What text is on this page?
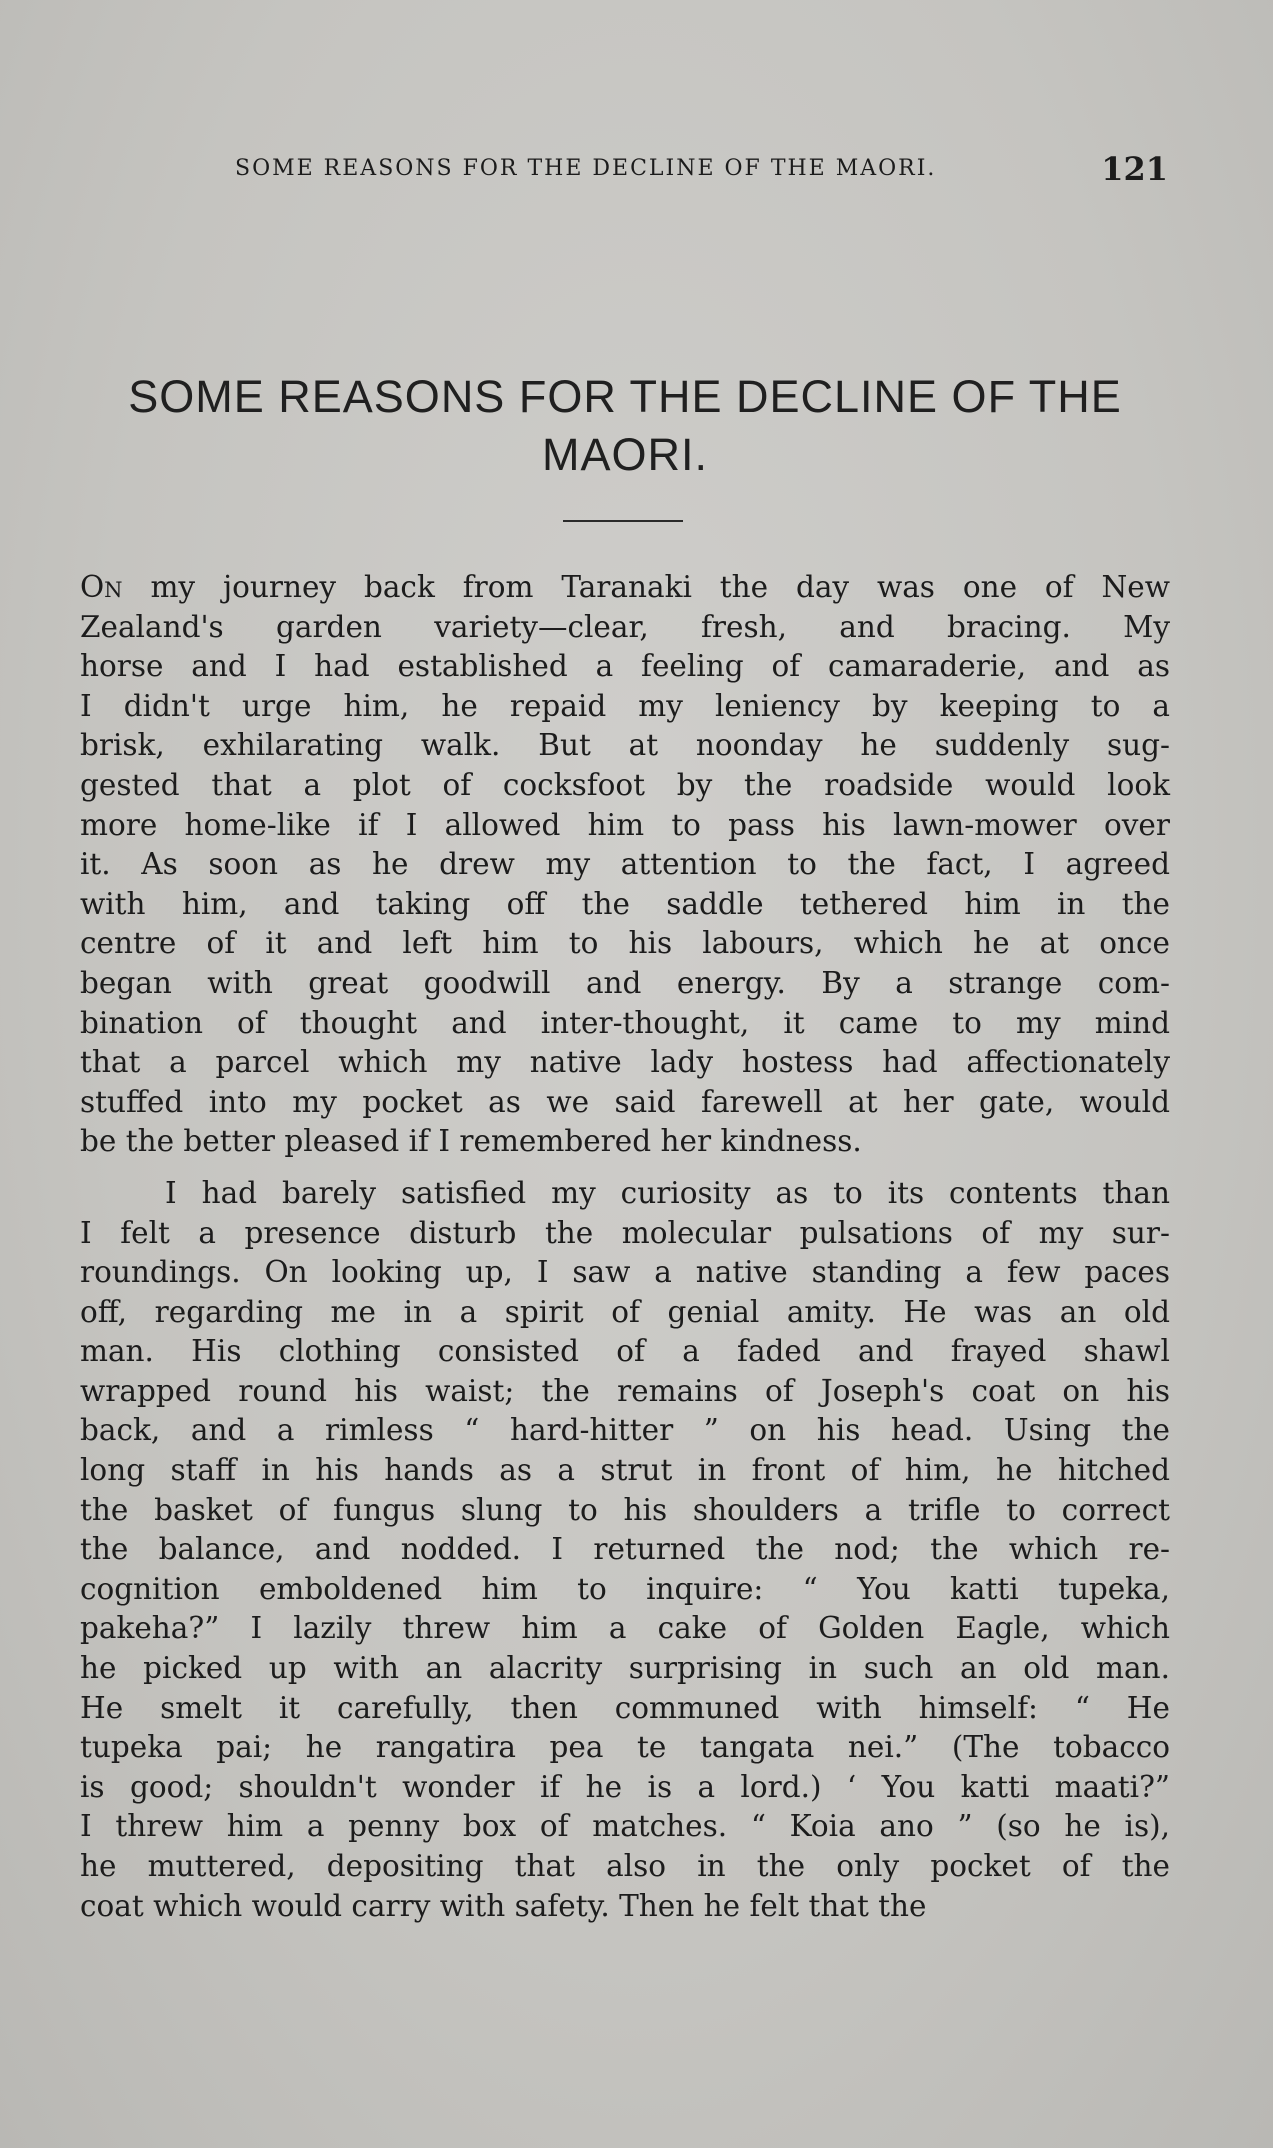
SOME REASONS FOR THE DECLINE OF THE MAORI.	121
SOME REASONS FOR THE DECLINE OF THE
MAORI.
On my journey back from Taranaki the day was one of New
Zealand's garden variety—clear, fresh, and bracing. My
horse and I had established a feeling of camaraderie, and as
I didn't urge him, he repaid my leniency by keeping to a
brisk, exhilarating walk. But at noonday he suddenly sug-
gested that a plot of cocksfoot by the roadside would look
more home-like if I allowed him to pass his lawn-mower over
it. As soon as he drew my attention to the fact, I agreed
with him, and taking off the saddle tethered him in the
centre of it and left him to his labours, which he at once
began with great goodwill and energy. By a strange com-
bination of thought and inter-thought, it came to my mind
that a parcel which my native lady hostess had affectionately
stuffed into my pocket as we said farewell at her gate, would
be the better pleased if I remembered her kindness.
I had barely satisfied my curiosity as to its contents than
I felt a presence disturb the molecular pulsations of my sur-
roundings. On looking up, I saw a native standing a few paces
off, regarding me in a spirit of genial amity. He was an old
man. His clothing consisted of a faded and frayed shawl
wrapped round his waist; the remains of Joseph's coat on his
back, and a rimless “ hard-hitter ” on his head. Using the
long staff in his hands as a strut in front of him, he hitched
the basket of fungus slung to his shoulders a trifle to correct
the balance, and nodded. I returned the nod; the which re-
cognition emboldened him to inquire: “ You katti tupeka,
pakeha?” I lazily threw him a cake of Golden Eagle, which
he picked up with an alacrity surprising in such an old man.
He smelt it carefully, then communed with himself: “ He
tupeka pai; he rangatira pea te tangata nei.” (The tobacco
is good; shouldn't wonder if he is a lord.) ‘ You katti maati?”
I threw him a penny box of matches. “ Koia ano ” (so he is),
he muttered, depositing that also in the only pocket of the
coat which would carry with safety. Then he felt that the
